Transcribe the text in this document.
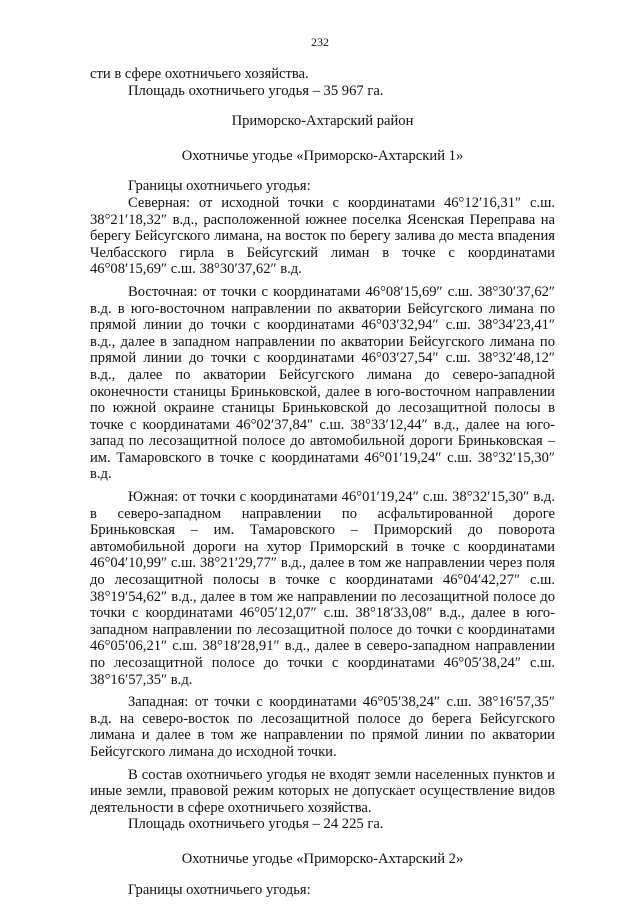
232

сти в сфере охотничьего хозяйства.

Площадь охотничьего угодья – 35 967 га.

Приморско-Ахтарский район

Охотничье угодье «Приморско-Ахтарский 1»

Границы охотничьего угодья:

Северная: от исходной точки с координатами 46°12′16,31″ с.ш. 38°21′18,32″ в.д., расположенной южнее поселка Ясенская Переправа на берегу Бейсугского лимана, на восток по берегу залива до места впадения Челбасского гирла в Бейсугский лиман в точке с координатами 46°08′15,69″ с.ш. 38°30′37,62″ в.д.

Восточная: от точки с координатами 46°08′15,69″ с.ш. 38°30′37,62″ в.д. в юго-восточном направлении по акватории Бейсугского лимана по прямой линии до точки с координатами 46°03′32,94″ с.ш. 38°34′23,41″ в.д., далее в западном направлении по акватории Бейсугского лимана по прямой линии до точки с координатами 46°03′27,54″ с.ш. 38°32′48,12″ в.д., далее по акватории Бейсугского лимана до северо-западной оконечности станицы Бриньковской, далее в юго-восточном направлении по южной окраине станицы Бриньковской до лесозащитной полосы в точке с координатами 46°02′37,84″ с.ш. 38°33′12,44″ в.д., далее на юго-запад по лесозащитной полосе до автомобильной дороги Бриньковская – им. Тамаровского в точке с координатами 46°01′19,24″ с.ш. 38°32′15,30″ в.д.

Южная: от точки с координатами 46°01′19,24″ с.ш. 38°32′15,30″ в.д. в северо-западном направлении по асфальтированной дороге Бриньковская – им. Тамаровского – Приморский до поворота автомобильной дороги на хутор Приморский в точке с координатами 46°04′10,99″ с.ш. 38°21′29,77″ в.д., далее в том же направлении через поля до лесозащитной полосы в точке с координатами 46°04′42,27″ с.ш. 38°19′54,62″ в.д., далее в том же направлении по лесозащитной полосе до точки с координатами 46°05′12,07″ с.ш. 38°18′33,08″ в.д., далее в юго-западном направлении по лесозащитной полосе до точки с координатами 46°05′06,21″ с.ш. 38°18′28,91″ в.д., далее в северо-западном направлении по лесозащитной полосе до точки с координатами 46°05′38,24″ с.ш. 38°16′57,35″ в.д.

Западная: от точки с координатами 46°05′38,24″ с.ш. 38°16′57,35″ в.д. на северо-восток по лесозащитной полосе до берега Бейсугского лимана и далее в том же направлении по прямой линии по акватории Бейсугского лимана до исходной точки.

В состав охотничьего угодья не входят земли населенных пунктов и иные земли, правовой режим которых не допускает осуществление видов деятельности в сфере охотничьего хозяйства.

Площадь охотничьего угодья – 24 225 га.

Охотничье угодье «Приморско-Ахтарский 2»

Границы охотничьего угодья:
